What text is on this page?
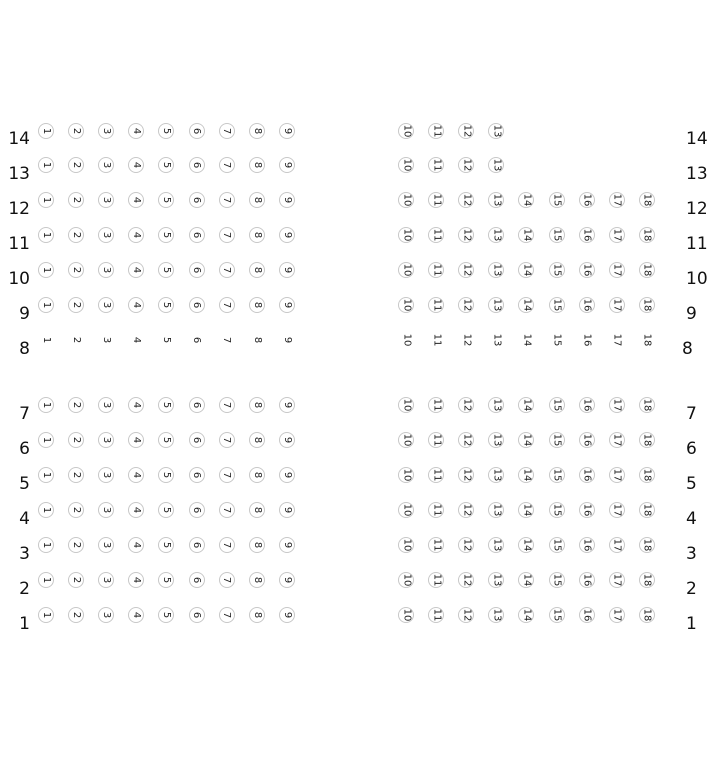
1 2 3 4 5 6
1 2 3 4 5 6
1 2 3 4 5 6 7 8 9
1 2 3 4 5 6 7 8 9
1 2 3 4 5 6 7 8 9
1 2 3 4 5 6 7 8 9
1 2 3 4 5 6 7 8 9
7 8 9	10 11 12 13
7 8 9	10 11 12 13
10 11 12 13 14 15 16 17 18
10 11 12 13 14 15 16 17 18
10 11 12 13 14 15 16 17 18
10 11 12 13 14 15 16 17 18
10 11 12 13 14 15 16 17 18
1 2 3 4 5 6 7 8 9
1 2 3 4 5 6 7 8 9
1 2 3 4 5 6 7 8 9
1 2 3 4 5 6 7 8 9
1 2 3 4 5 6 7 8 9
1 2 3 4 5 6 7 8 9
1 2 3 4 5 6 7 8 9
10 11 12 13 14 15 16 17 18
10 11 12 13 14 15 16 17 18
10 11 12 13 14 15 16 17 18
10 11 12 13 14 15 16 17 18
10 11 12 13 14 15 16 17 18
10 11 12 13 14 15 16 17 18
10 11 12 13 14 15 16 17 18
14
13
12
11
10
9
8
7
6
5
4
3
2
1
14
13
12
11
10
9
8
7
6
5
4
3
2
1
